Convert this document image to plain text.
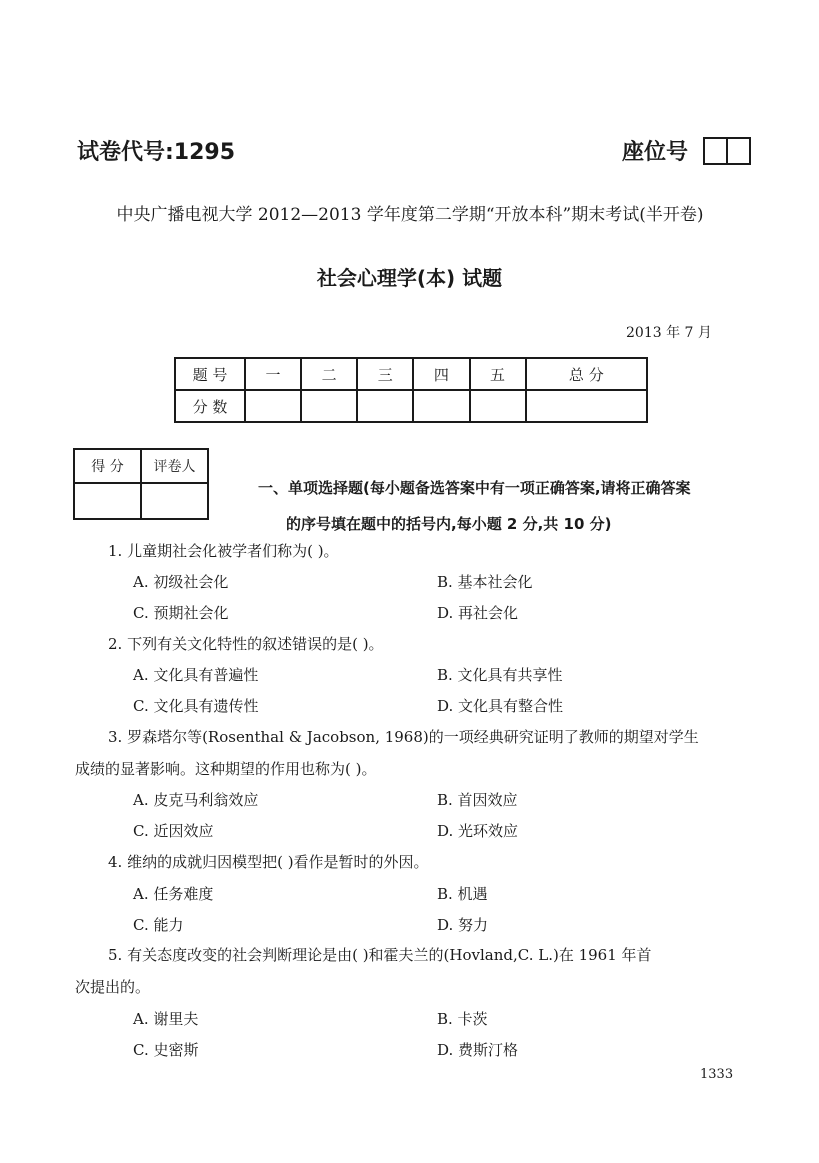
试卷代号:1295	座位号
中央广播电视大学 2012—2013 学年度第二学期“开放本科”期末考试(半开卷)
社会心理学(本) 试题
2013 年 7 月
题 号	一	二	三	四	五	总 分
分 数						
得 分	评卷人

一、单项选择题(每小题备选答案中有一项正确答案,请将正确答案
的序号填在题中的括号内,每小题 2 分,共 10 分)
1. 儿童期社会化被学者们称为( )。
A. 初级社会化	B. 基本社会化
C. 预期社会化	D. 再社会化
2. 下列有关文化特性的叙述错误的是( )。
A. 文化具有普遍性	B. 文化具有共享性
C. 文化具有遗传性	D. 文化具有整合性
3. 罗森塔尔等(Rosenthal & Jacobson, 1968)的一项经典研究证明了教师的期望对学生
成绩的显著影响。这种期望的作用也称为( )。
A. 皮克马利翁效应	B. 首因效应
C. 近因效应	D. 光环效应
4. 维纳的成就归因模型把( )看作是暂时的外因。
A. 任务难度	B. 机遇
C. 能力	D. 努力
5. 有关态度改变的社会判断理论是由( )和霍夫兰的(Hovland,C. L.)在 1961 年首
次提出的。
A. 谢里夫	B. 卡茨
C. 史密斯	D. 费斯汀格
1333
